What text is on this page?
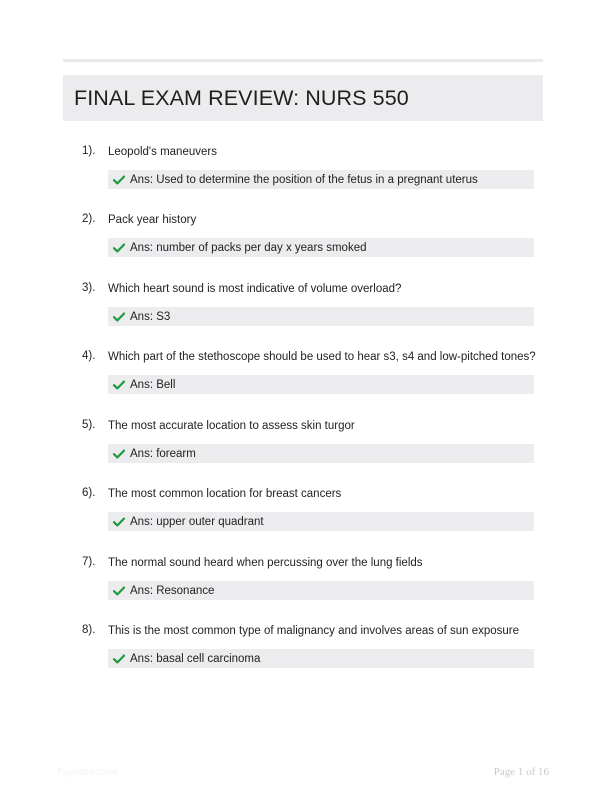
FINAL EXAM REVIEW: NURS 550
1). Leopold's maneuvers
Ans: Used to determine the position of the fetus in a pregnant uterus
2). Pack year history
Ans: number of packs per day x years smoked
3). Which heart sound is most indicative of volume overload?
Ans: S3
4). Which part of the stethoscope should be used to hear s3, s4 and low-pitched tones?
Ans: Bell
5). The most accurate location to assess skin turgor
Ans: forearm
6). The most common location for breast cancers
Ans: upper outer quadrant
7). The normal sound heard when percussing over the lung fields
Ans: Resonance
8). This is the most common type of malignancy and involves areas of sun exposure
Ans: basal cell carcinoma
Papertiblc.com	Page 1 of 16
